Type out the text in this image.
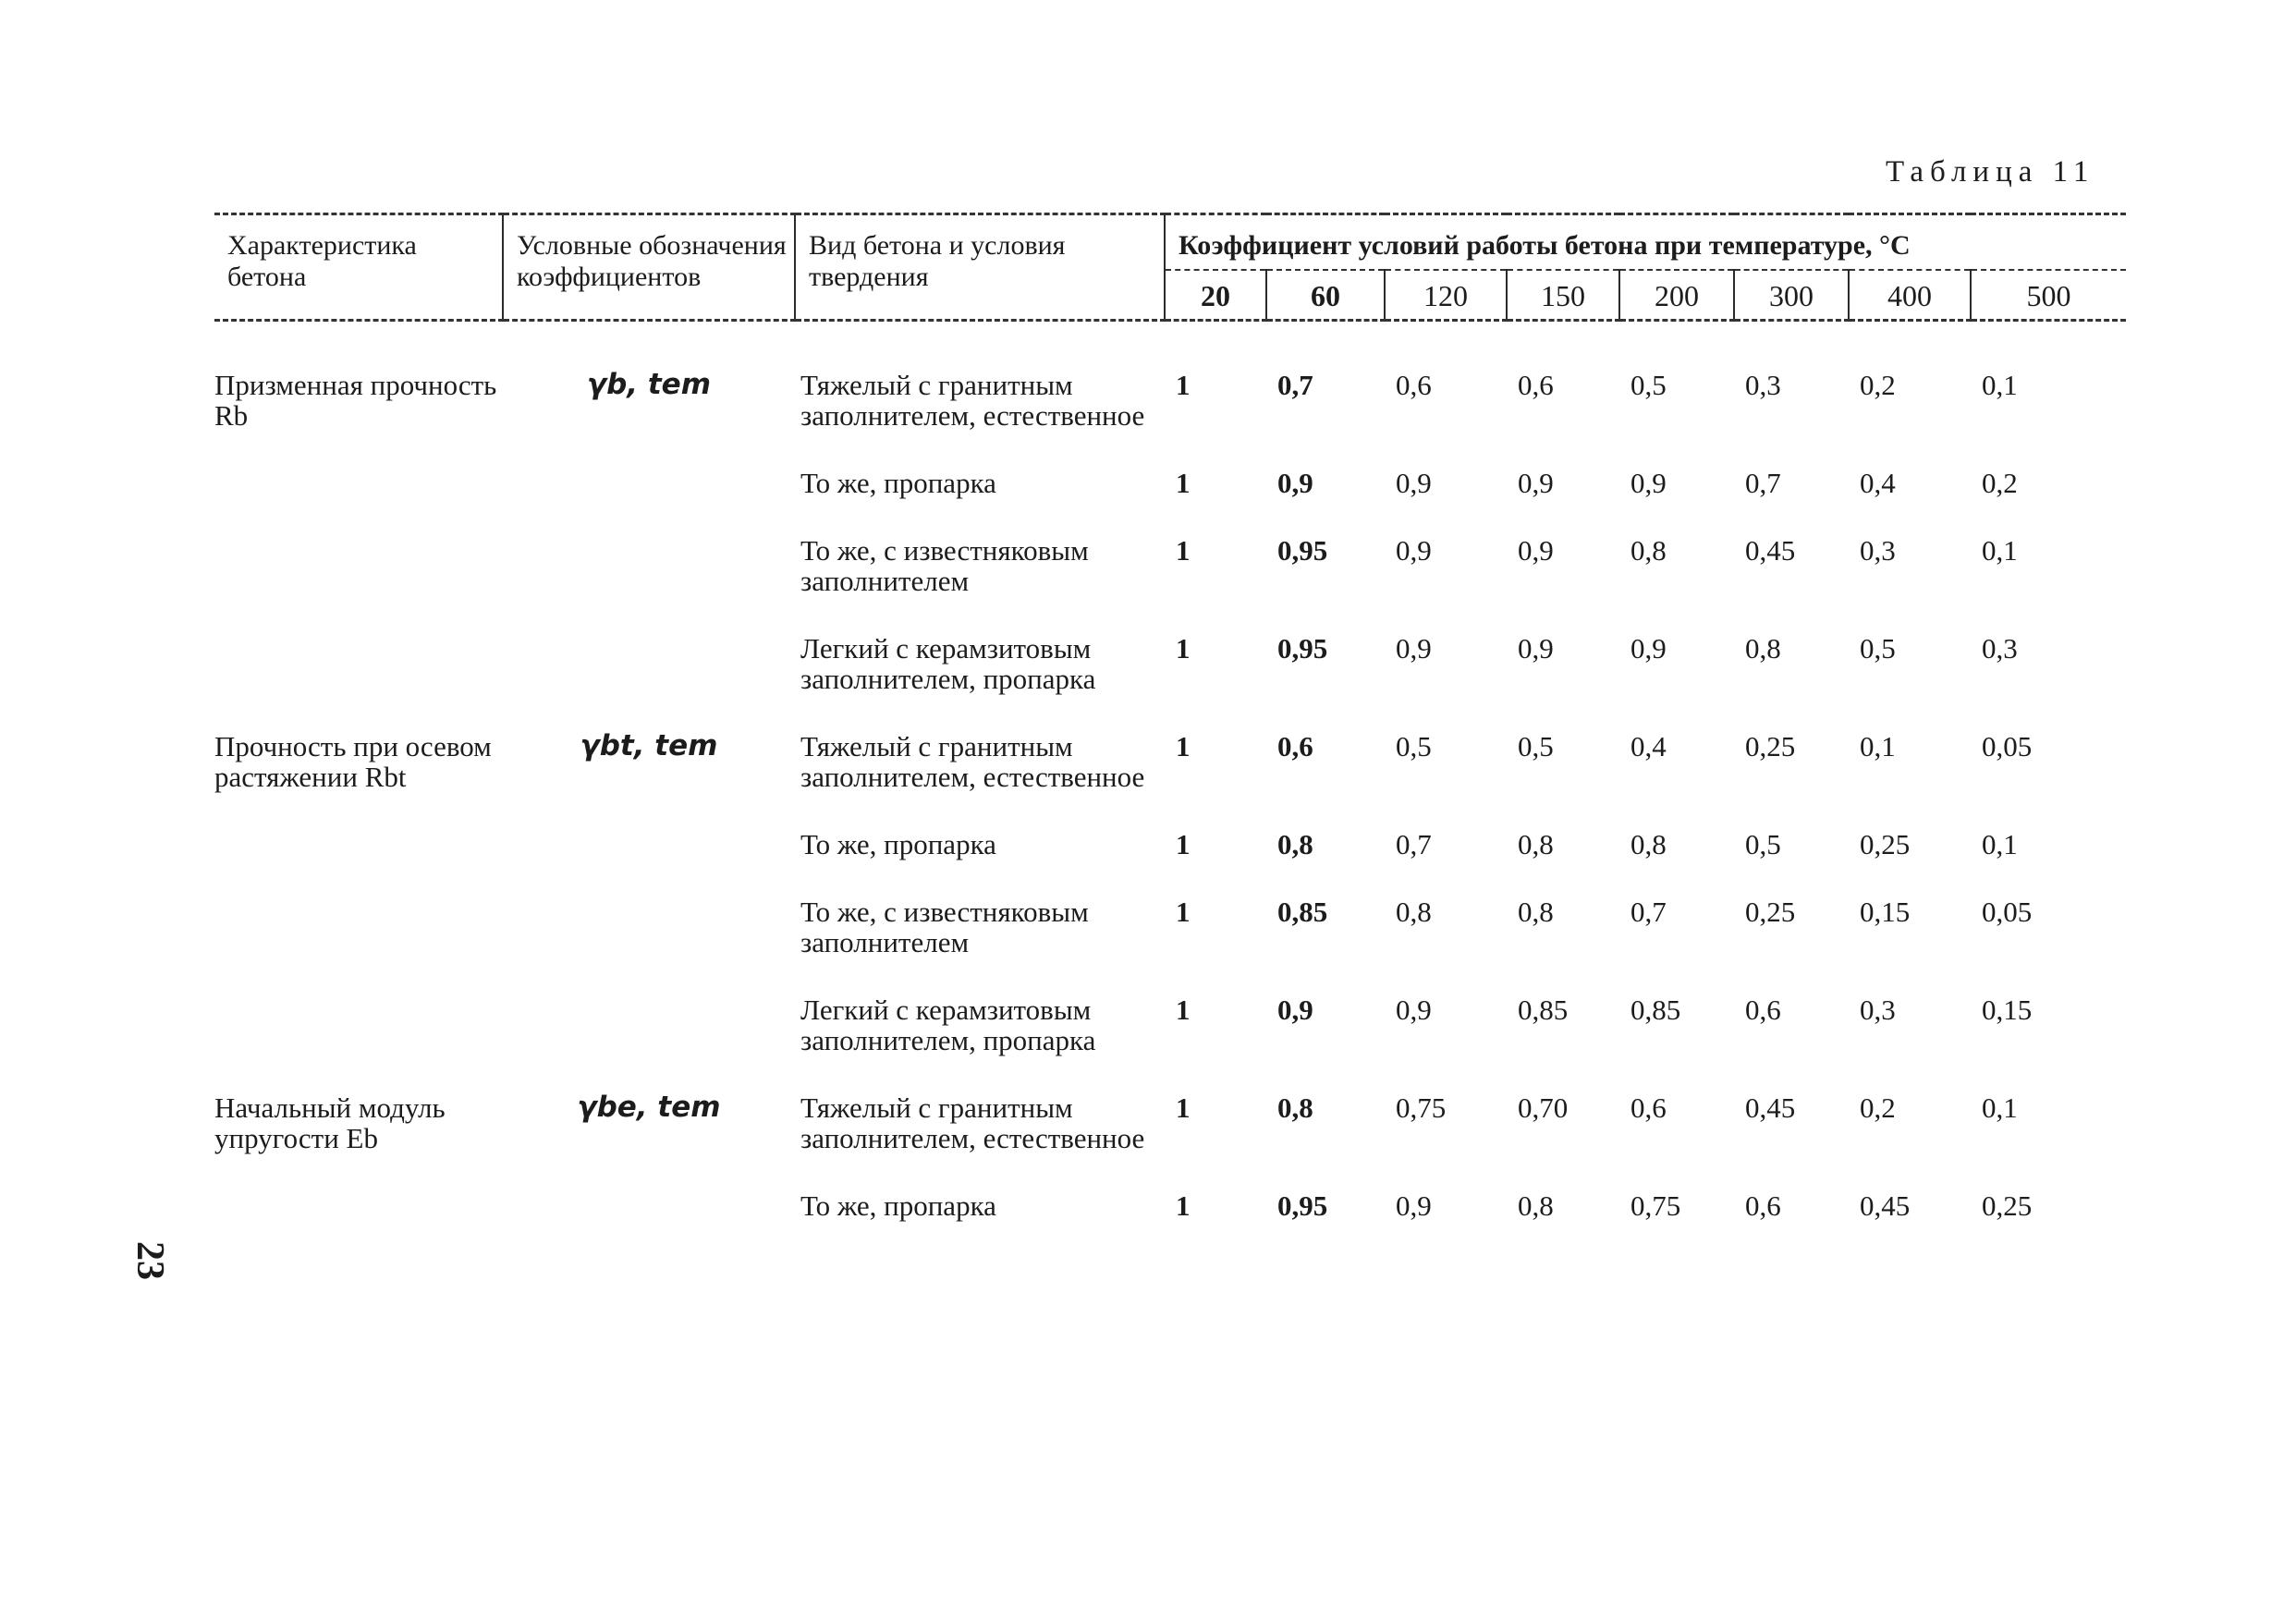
Таблица 11
Характеристика бетона	Условные обозначения коэффициентов	Вид бетона и условия твердения	Коэффициент условий работы бетона при температуре, °С							
			20	60	120	150	200	300	400	500

Призменная прочность Rb	γb, tem	Тяжелый с гранитным заполнителем, естественное	1	0,7	0,6	0,6	0,5	0,3	0,2	0,1
		То же, пропарка	1	0,9	0,9	0,9	0,9	0,7	0,4	0,2
		То же, с известняковым заполнителем	1	0,95	0,9	0,9	0,8	0,45	0,3	0,1
		Легкий с керамзитовым заполнителем, пропарка	1	0,95	0,9	0,9	0,9	0,8	0,5	0,3
Прочность при осевом растяжении Rbt	γbt, tem	Тяжелый с гранитным заполнителем, естественное	1	0,6	0,5	0,5	0,4	0,25	0,1	0,05
		То же, пропарка	1	0,8	0,7	0,8	0,8	0,5	0,25	0,1
		То же, с известняковым заполнителем	1	0,85	0,8	0,8	0,7	0,25	0,15	0,05
		Легкий с керамзитовым заполнителем, пропарка	1	0,9	0,9	0,85	0,85	0,6	0,3	0,15
Начальный модуль упругости Eb	γbe, tem	Тяжелый с гранитным заполнителем, естественное	1	0,8	0,75	0,70	0,6	0,45	0,2	0,1
		То же, пропарка	1	0,95	0,9	0,8	0,75	0,6	0,45	0,25
23
